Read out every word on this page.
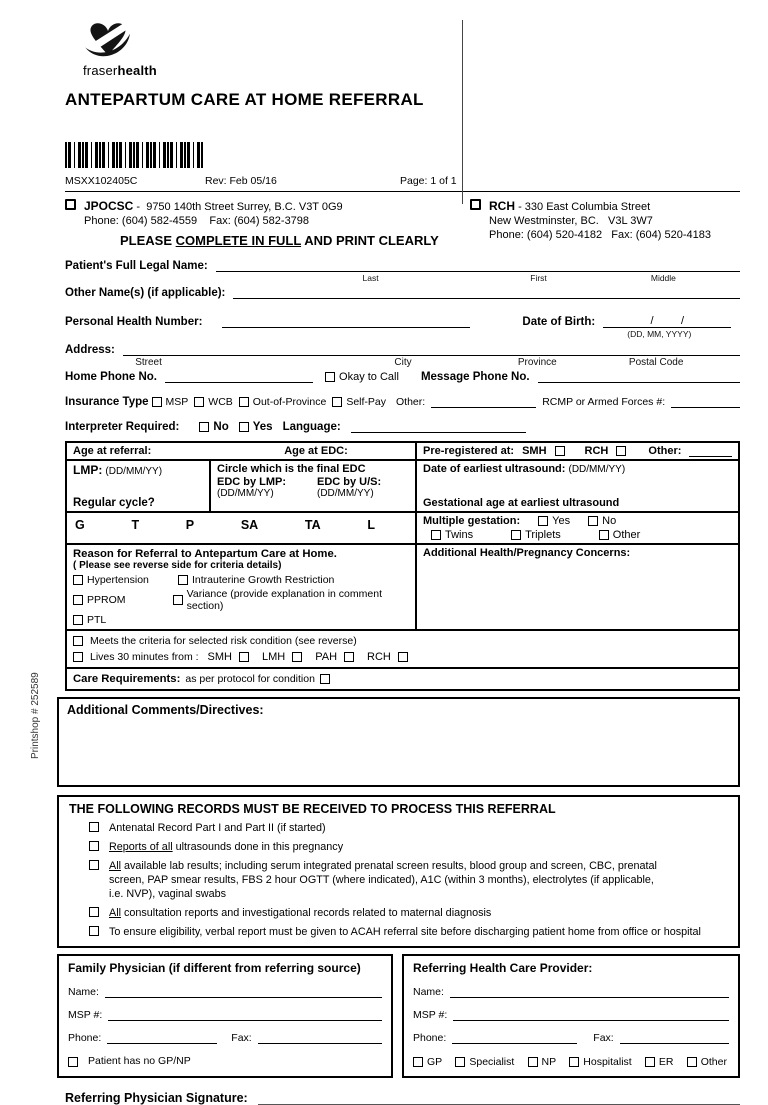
fraserhealth
ANTEPARTUM CARE AT HOME REFERRAL
MSXX102405C	Rev: Feb 05/16	Page: 1 of 1
JPOCSC -  9750 140th Street Surrey, B.C. V3T 0G9
Phone: (604) 582-4559    Fax: (604) 582-3798
PLEASE COMPLETE IN FULL AND PRINT CLEARLY
RCH - 330 East Columbia Street
New Westminster, BC.   V3L 3W7
Phone: (604) 520-4182   Fax: (604) 520-4183
Patient's Full Legal Name:
Last	First	Middle
Other Name(s) (if applicable):
Personal Health Number:	Date of Birth:	/         /

(DD, MM, YYYY)

Address:
Street	City	Province	Postal Code
Home Phone No.	Okay to Call Message Phone No.
Insurance Type MSP WCB Out-of-Province Self-Pay Other:	RCMP or Armed Forces #:
Interpreter Required:	No Yes Language:
Age at referral:	Age at EDC:	Pre-registered at: SMH	RCH	Other:
LMP: (DD/MM/YY)
Regular cycle?
Circle which is the final EDC
EDC by LMP:	EDC by U/S:
(DD/MM/YY)	(DD/MM/YY)
Date of earliest ultrasound: (DD/MM/YY)
Gestational age at earliest ultrasound
G	T	P	SA	TA	L	Multiple gestation:	Yes	No
Twins	Triplets	Other
Reason for Referral to Antepartum Care at Home.
( Please see reverse side for criteria details)
Hypertension	Intrauterine Growth Restriction
PPROM	Variance (provide explanation in comment section)
PTL
Additional Health/Pregnancy Concerns:
Meets the criteria for selected risk condition (see reverse)
Lives 30 minutes from : SMH	LMH	PAH	RCH
Care Requirements: as per protocol for condition
Additional Comments/Directives:
Printshop # 252589
THE FOLLOWING RECORDS MUST BE RECEIVED TO PROCESS THIS REFERRAL
Antenatal Record Part I and Part II (if started)
Reports of all ultrasounds done in this pregnancy
All available lab results; including serum integrated prenatal screen results, blood group and screen, CBC, prenatal screen, PAP smear results, FBS 2 hour OGTT (where indicated), A1C (within 3 months), electrolytes (if applicable, i.e. NVP), vaginal swabs
All consultation reports and investigational records related to maternal diagnosis
To ensure eligibility, verbal report must be given to ACAH referral site before discharging patient home from office or hospital
Family Physician (if different from referring source)
Name:
MSP #:
Phone:	Fax:
Patient has no GP/NP
Referring Health Care Provider:
Name:
MSP #:
Phone:	Fax:
GP	Specialist	NP	Hospitalist	ER	Other
Referring Physician Signature:
